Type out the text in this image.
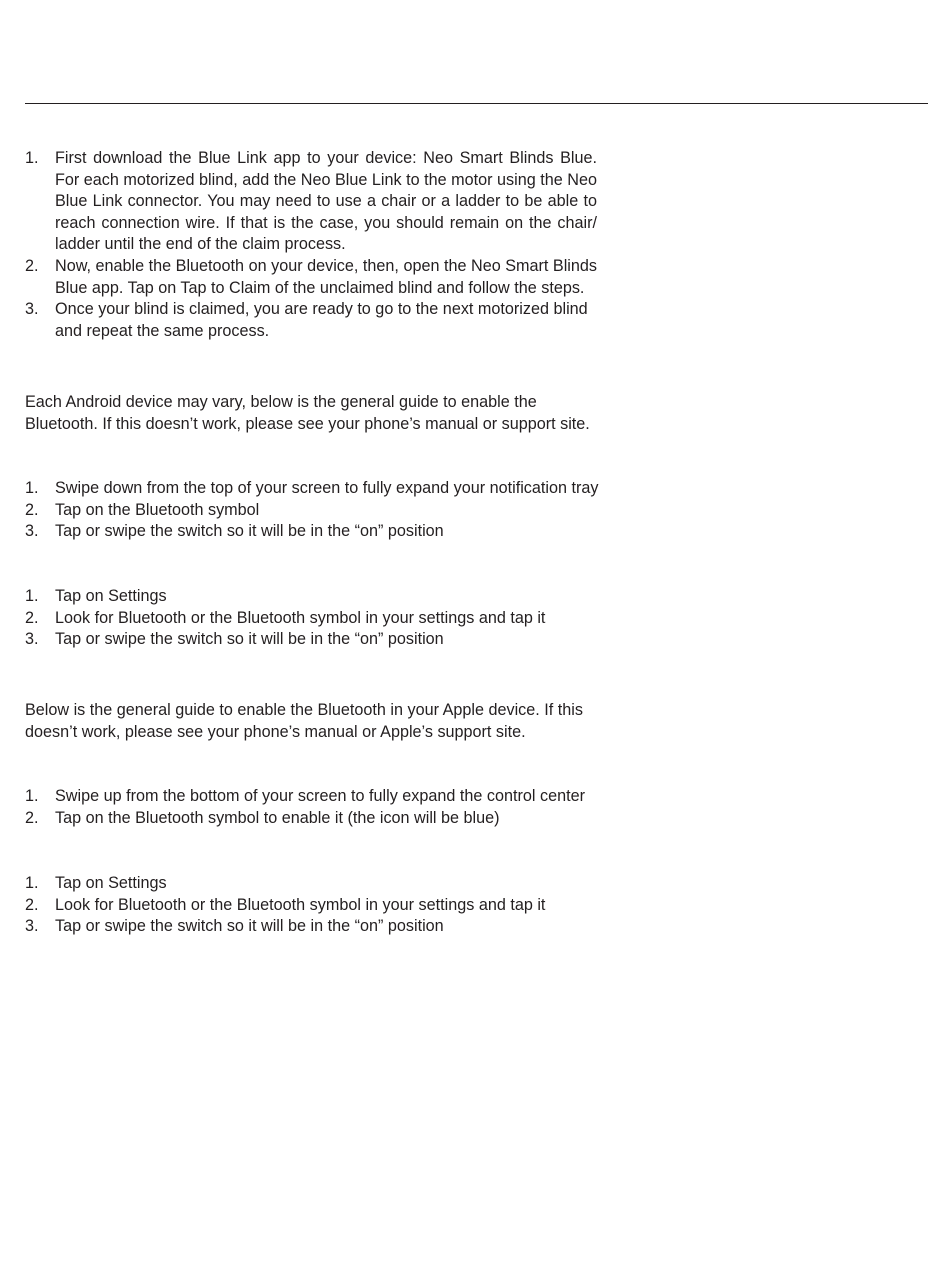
1. First download the Blue Link app to your device: Neo Smart Blinds Blue. For each motorized blind, add the Neo Blue Link to the motor using the Neo Blue Link connector. You may need to use a chair or a ladder to be able to reach connection wire. If that is the case, you should remain on the chair/ ladder until the end of the claim process.
2. Now, enable the Bluetooth on your device, then, open the Neo Smart Blinds Blue app. Tap on Tap to Claim of the unclaimed blind and follow the steps.
3. Once your blind is claimed, you are ready to go to the next motorized blind and repeat the same process.

Each Android device may vary, below is the general guide to enable the Bluetooth. If this doesn’t work, please see your phone’s manual or support site.

1. Swipe down from the top of your screen to fully expand your notification tray
2. Tap on the Bluetooth symbol
3. Tap or swipe the switch so it will be in the “on” position
1. Tap on Settings
2. Look for Bluetooth or the Bluetooth symbol in your settings and tap it
3. Tap or swipe the switch so it will be in the “on” position

Below is the general guide to enable the Bluetooth in your Apple device. If this doesn’t work, please see your phone’s manual or Apple’s support site.

1. Swipe up from the bottom of your screen to fully expand the control center
2. Tap on the Bluetooth symbol to enable it (the icon will be blue)
1. Tap on Settings
2. Look for Bluetooth or the Bluetooth symbol in your settings and tap it
3. Tap or swipe the switch so it will be in the “on” position
